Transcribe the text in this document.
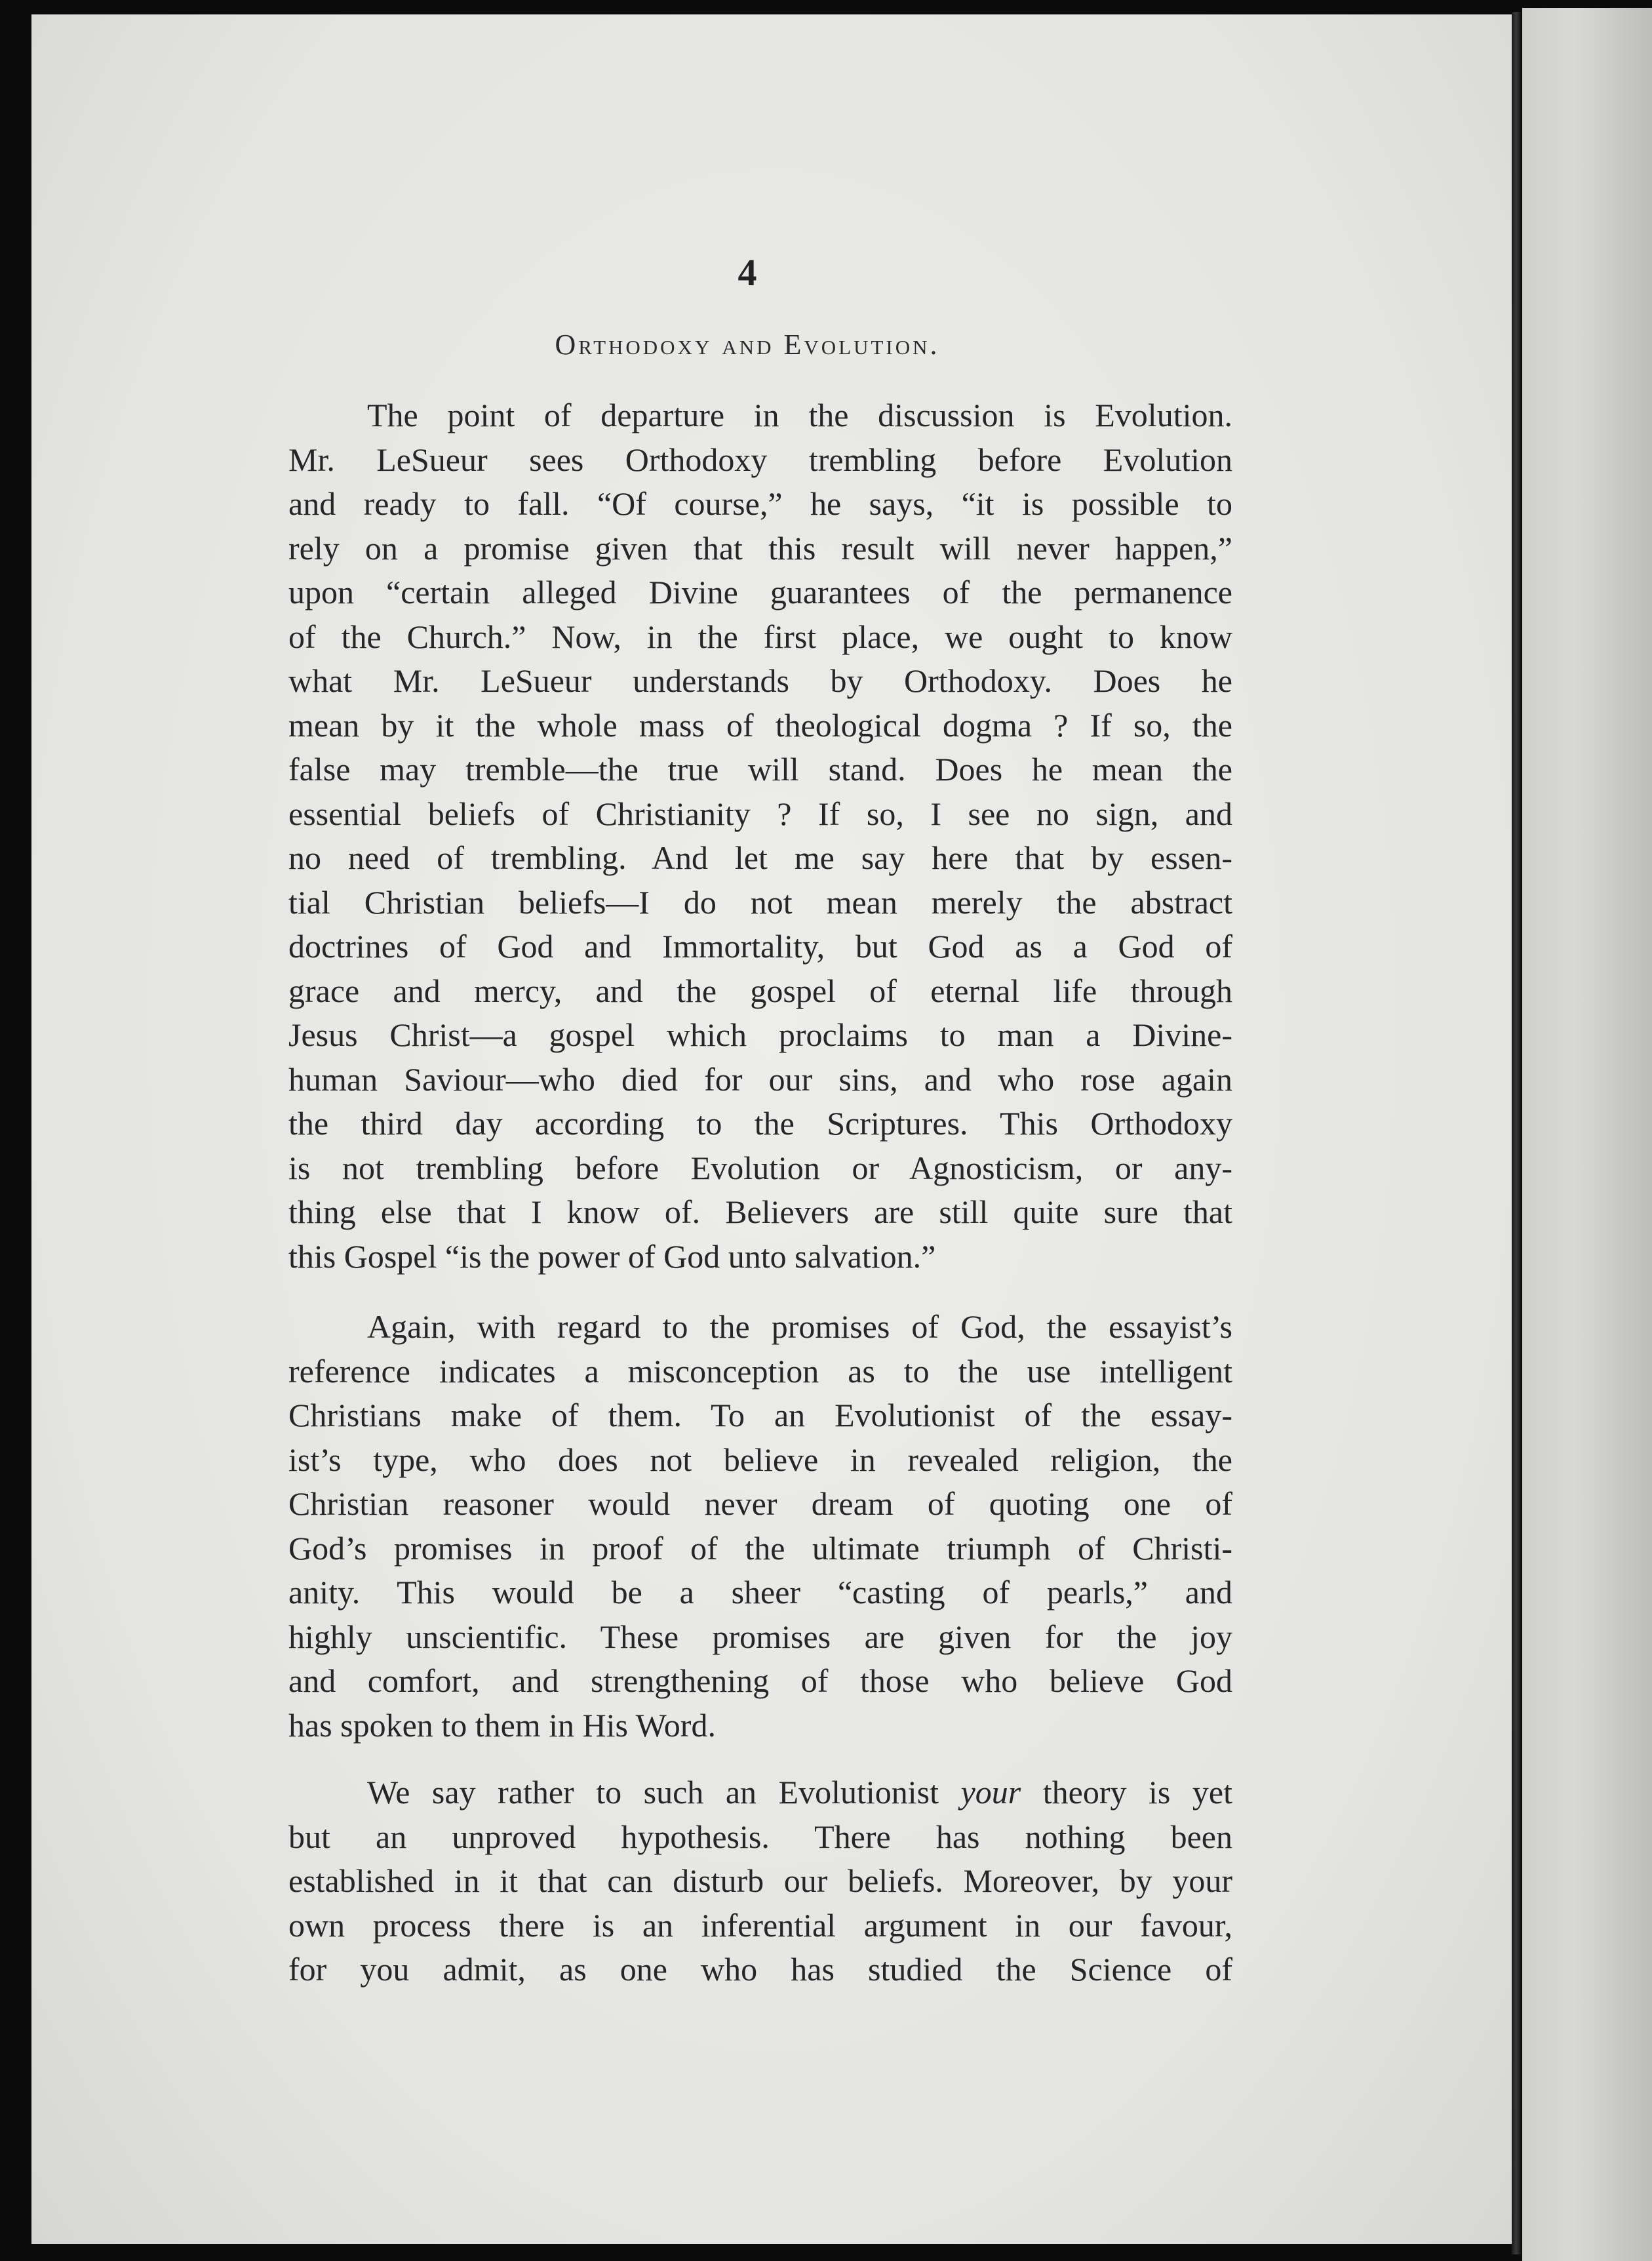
4
Orthodoxy and Evolution.
The point of departure in the discussion is Evolution.
Mr. LeSueur sees Orthodoxy trembling before Evolution
and ready to fall. “Of course,” he says, “it is possible to
rely on a promise given that this result will never happen,”
upon “certain alleged Divine guarantees of the permanence
of the Church.” Now, in the first place, we ought to know
what Mr. LeSueur understands by Orthodoxy. Does he
mean by it the whole mass of theological dogma ? If so, the
false may tremble—the true will stand. Does he mean the
essential beliefs of Christianity ? If so, I see no sign, and
no need of trembling. And let me say here that by essen-
tial Christian beliefs—I do not mean merely the abstract
doctrines of God and Immortality, but God as a God of
grace and mercy, and the gospel of eternal life through
Jesus Christ—a gospel which proclaims to man a Divine-
human Saviour—who died for our sins, and who rose again
the third day according to the Scriptures. This Orthodoxy
is not trembling before Evolution or Agnosticism, or any-
thing else that I know of. Believers are still quite sure that
this Gospel “is the power of God unto salvation.”
Again, with regard to the promises of God, the essayist’s
reference indicates a misconception as to the use intelligent
Christians make of them. To an Evolutionist of the essay-
ist’s type, who does not believe in revealed religion, the
Christian reasoner would never dream of quoting one of
God’s promises in proof of the ultimate triumph of Christi-
anity. This would be a sheer “casting of pearls,” and
highly unscientific. These promises are given for the joy
and comfort, and strengthening of those who believe God
has spoken to them in His Word.
We say rather to such an Evolutionist your theory is yet
but an unproved hypothesis. There has nothing been
established in it that can disturb our beliefs. Moreover, by your
own process there is an inferential argument in our favour,
for you admit, as one who has studied the Science of
